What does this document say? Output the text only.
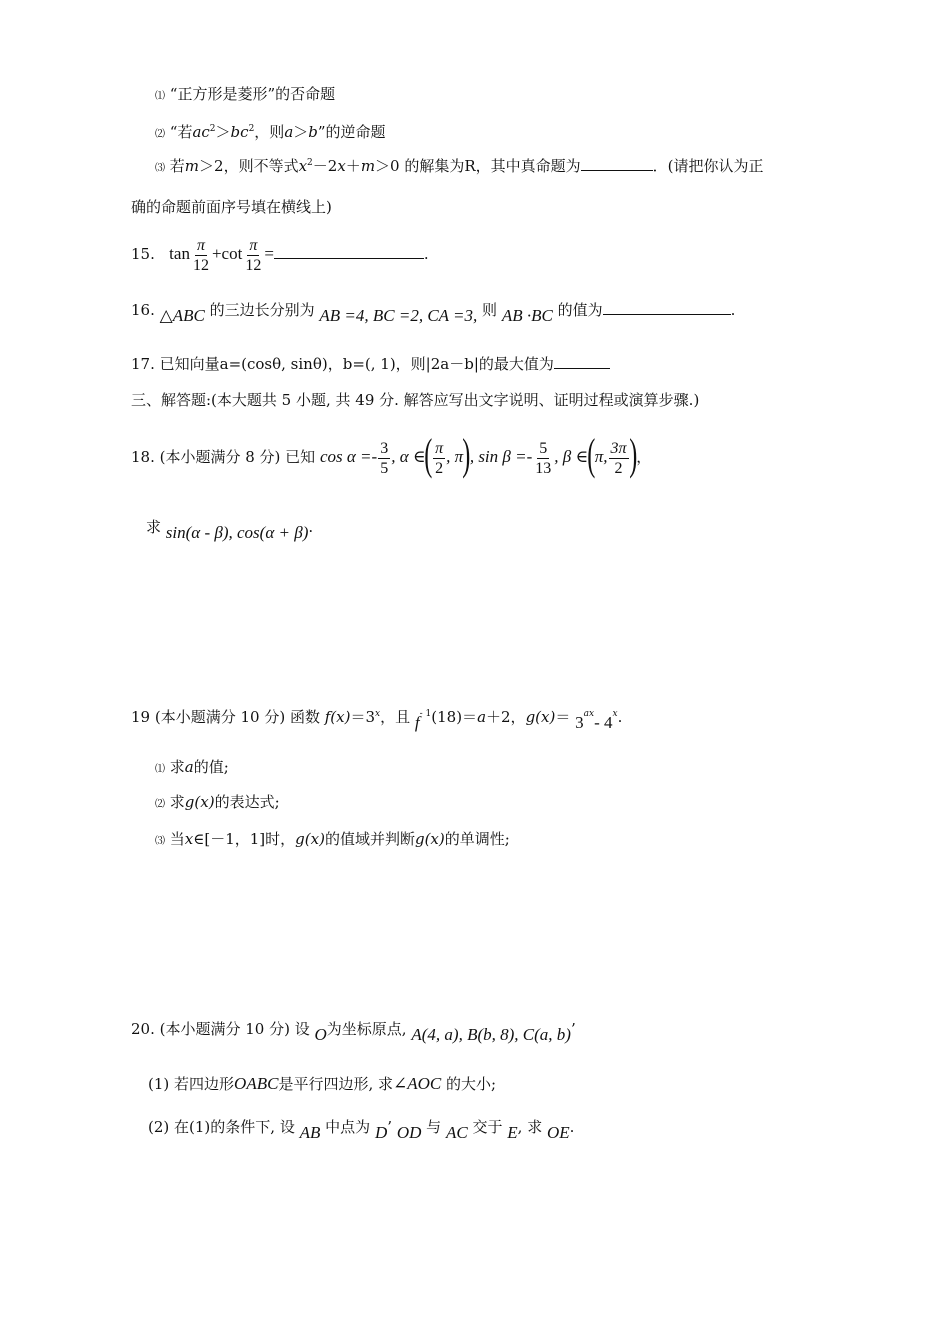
⑴ “正方形是菱形”的否命题
⑵ “若$ac^2>bc^2$，则a＞b”的逆命题
⑶ 若m＞2，则不等式$x^2-2x+m>0$ 的解集为R，其中真命题为	．(请把你认为正
确的命题前面序号填在横线上)
15. $\tan \frac{\pi}{12} +\cot \frac{\pi}{12}$ =	.
16. △ABC 的三边长分别为 AB =4, BC =2, CA =3, 则 AB ·BC 的值为	.
17. 已知向量a=(cosθ, sinθ)，b=(, 1)，则|2a－b|的最大值为
三、解答题:(本大题共 5 小题, 共 49 分. 解答应写出文字说明、证明过程或演算步骤.)
18. (本小题满分 8 分) 已知 $\cos \alpha =- \frac{3}{5}$ , α ∈( $\frac{\pi}{2}$ , π), $\sin \beta =- \frac{5}{13}$ , β ∈(π, $\frac{3\pi}{2}$ )，
求 sin(α - β), cos(α + β).
19 (本小题满分 10 分) 函数 $f(x)=3^x$，且 $f^{- 1}(18)=a+2$，$g(x)= 3^{ax}-$ 4$^x$.
⑴ 求a的值;
⑵ 求g(x)的表达式;
⑶ 当x∈[－1，1]时，g(x)的值域并判断g(x)的单调性;
20. (本小题满分 10 分) 设 O为坐标原点, A(4, a), B(b, 8), C(a, b)’
(1) 若四边形OABC是平行四边形, 求∠AOC 的大小;
(2) 在(1)的条件下, 设 AB 中点为 D’ OD 与 AC 交于 E, 求 OE.
